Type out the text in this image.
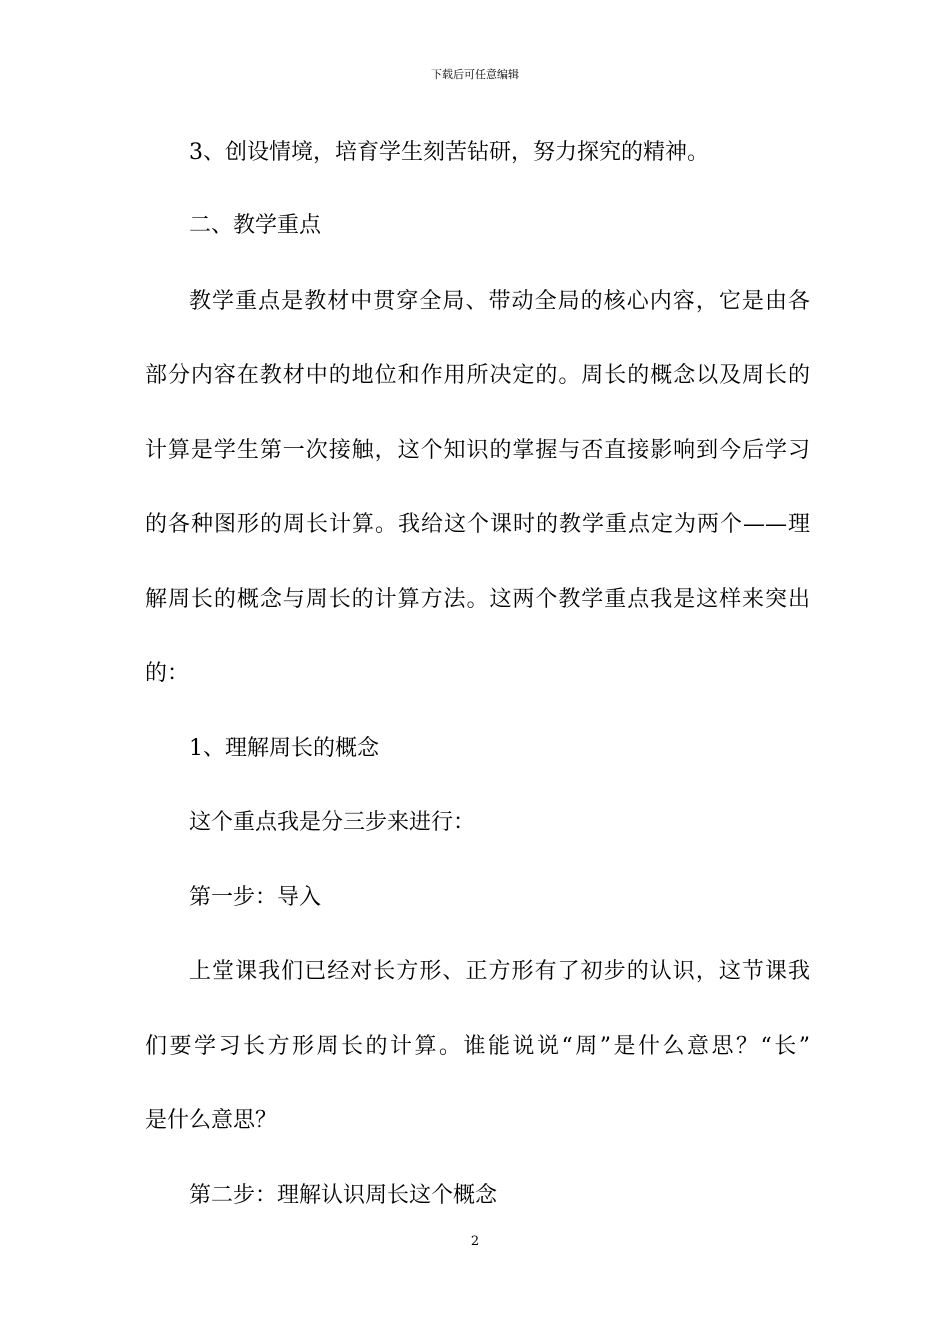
下载后可任意编辑
3、创设情境，培育学生刻苦钻研，努力探究的精神。
二、教学重点
教学重点是教材中贯穿全局、带动全局的核心内容，它是由各
部分内容在教材中的地位和作用所决定的。周长的概念以及周长的
计算是学生第一次接触，这个知识的掌握与否直接影响到今后学习
的各种图形的周长计算。我给这个课时的教学重点定为两个——理
解周长的概念与周长的计算方法。这两个教学重点我是这样来突出
的：
1、理解周长的概念
这个重点我是分三步来进行：
第一步：导入
上堂课我们已经对长方形、正方形有了初步的认识，这节课我
们要学习长方形周长的计算。谁能说说“周”是什么意思？“长”
是什么意思？
第二步：理解认识周长这个概念
2
